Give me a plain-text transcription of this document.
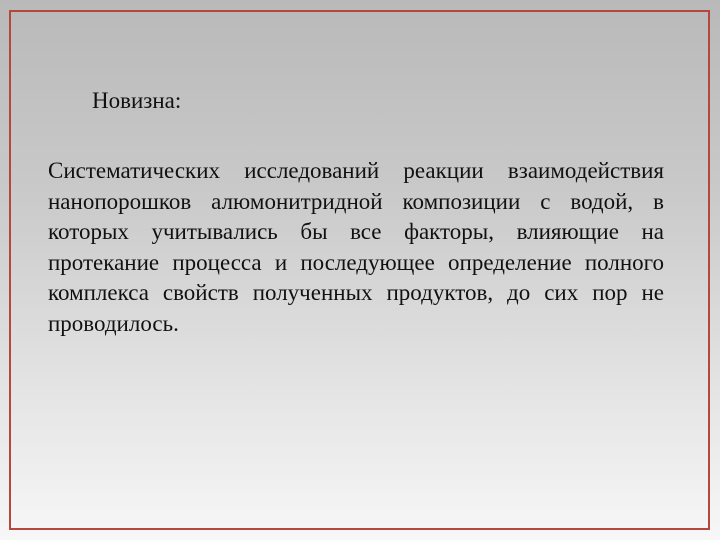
Новизна:

Систематических исследований реакции взаимодействия нанопорошков алюмонитридной композиции с водой, в которых учитывались бы все факторы, влияющие на протекание процесса и последующее определение полного комплекса свойств полученных продуктов, до сих пор не проводилось.
